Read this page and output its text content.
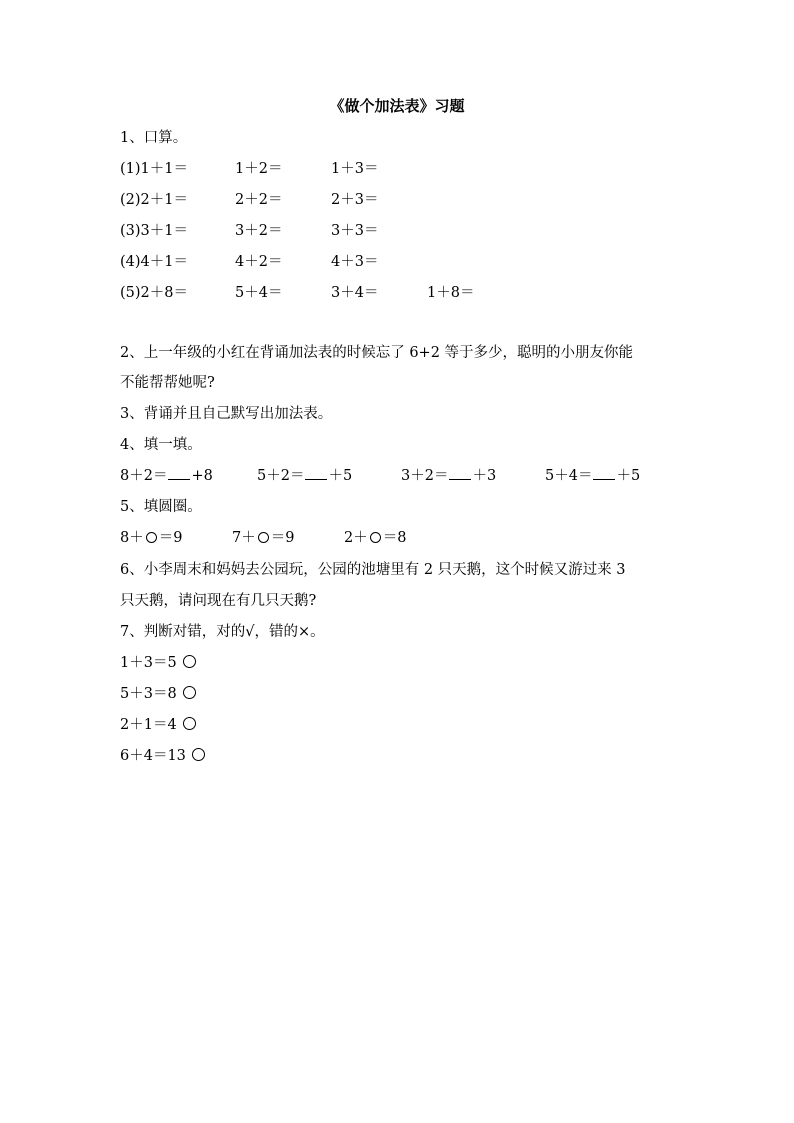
《做个加法表》习题
1、口算。
(1)1＋1＝	1＋2＝	1＋3＝
(2)2＋1＝	2＋2＝	2＋3＝
(3)3＋1＝	3＋2＝	3＋3＝
(4)4＋1＝	4＋2＝	4＋3＝
(5)2＋8＝	5＋4＝	3＋4＝	1＋8＝
2、上一年级的小红在背诵加法表的时候忘了 6+2 等于多少，聪明的小朋友你能
不能帮帮她呢?
3、背诵并且自己默写出加法表。
4、填一填。
8＋2＝ +8	5＋2＝ ＋5	3＋2＝ ＋3	5＋4＝ ＋5
5、填圆圈。
8＋ ＝9	7＋ ＝9	2＋ ＝8
6、小李周末和妈妈去公园玩，公园的池塘里有 2 只天鹅，这个时候又游过来 3
只天鹅，请问现在有几只天鹅?
7、判断对错，对的√，错的×。
1＋3＝5
5＋3＝8
2＋1＝4
6＋4＝13
